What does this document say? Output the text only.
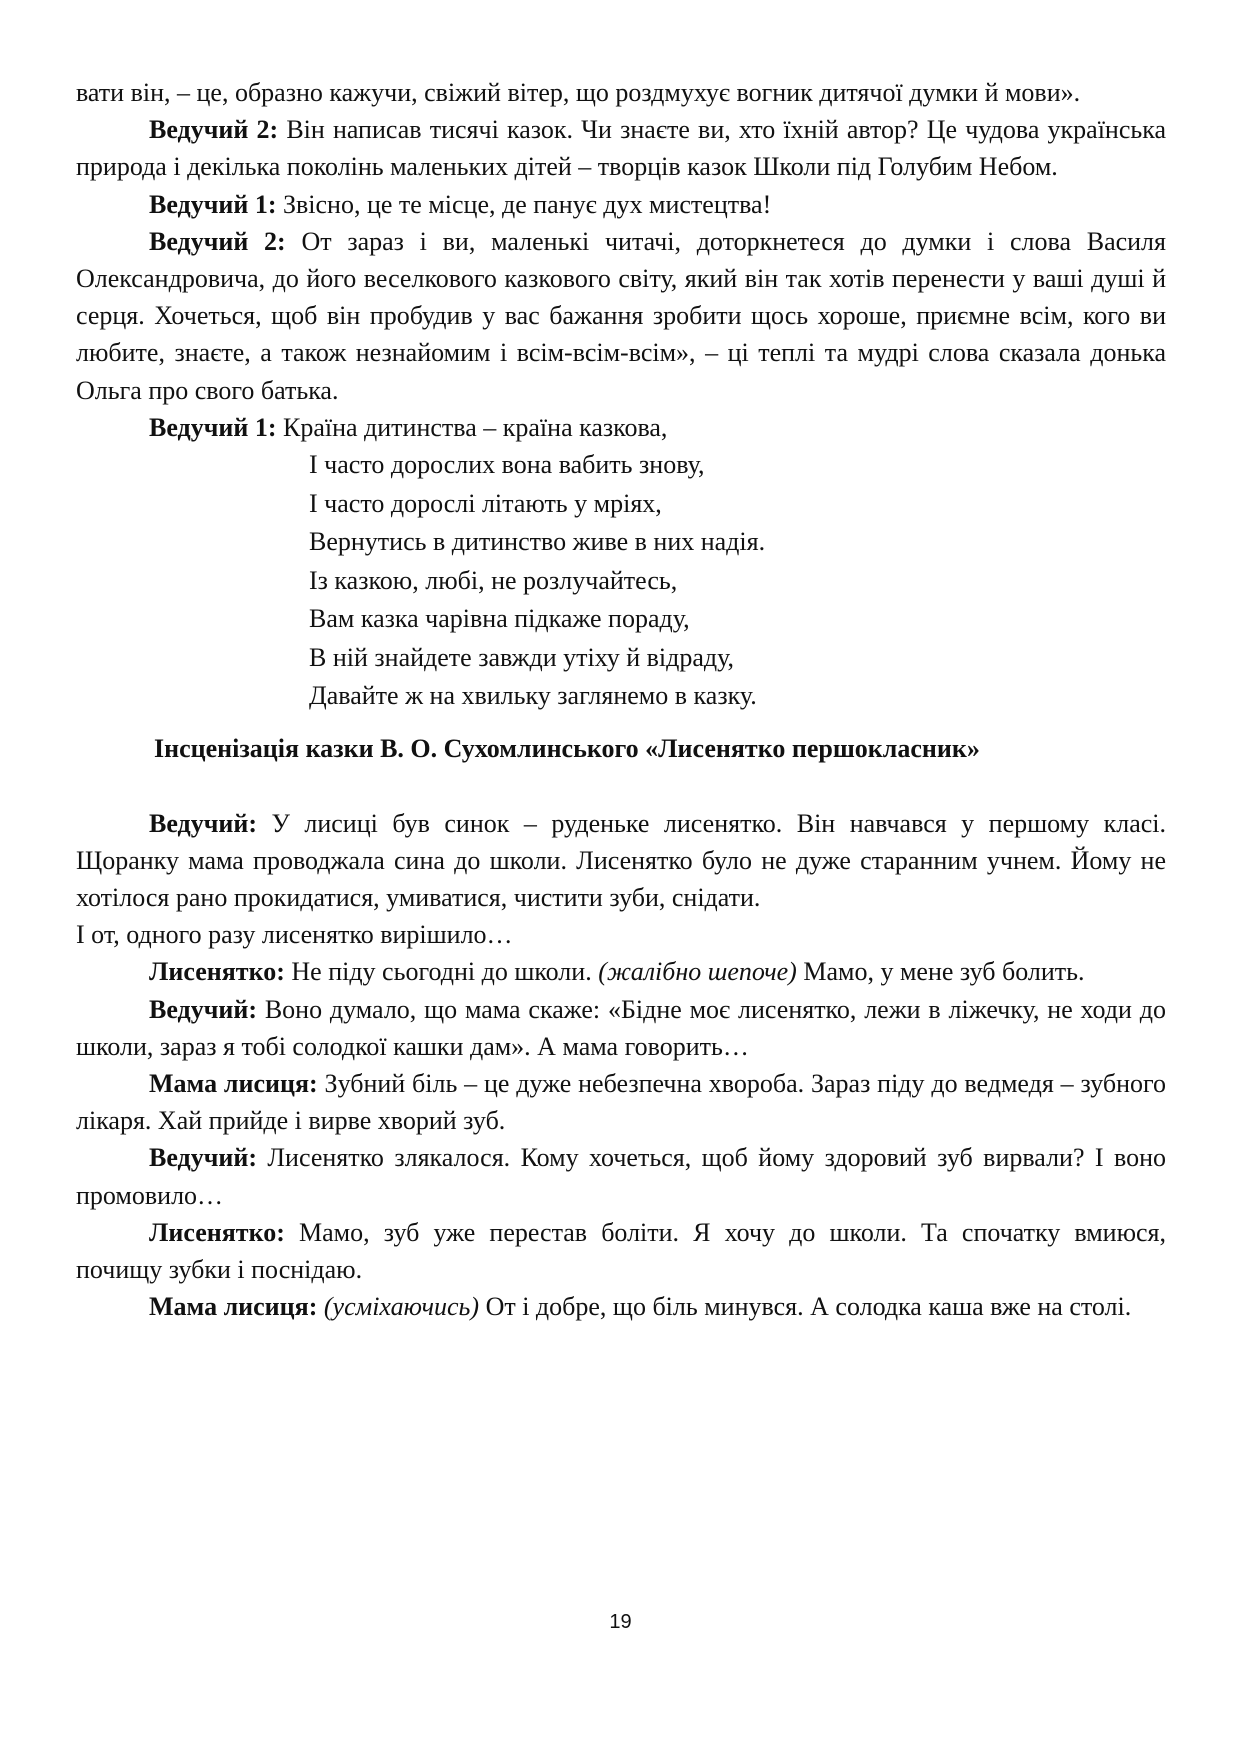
вати він, – це, образно кажучи, свіжий вітер, що роздмухує вогник дитячої думки й мови».

Ведучий 2: Він написав тисячі казок. Чи знаєте ви, хто їхній автор? Це чудова українська природа і декілька поколінь маленьких дітей – творців казок Школи під Голубим Небом.

Ведучий 1: Звісно, це те місце, де панує дух мистецтва!

Ведучий 2: От зараз і ви, маленькі читачі, доторкнетеся до думки і слова Василя Олександровича, до його веселкового казкового світу, який він так хотів перенести у ваші душі й серця. Хочеться, щоб він пробудив у вас бажання зробити щось хороше, приємне всім, кого ви любите, знаєте, а також незнайомим і всім-всім-всім», – ці теплі та мудрі слова сказала донька Ольга про свого батька.

Ведучий 1: Країна дитинства – країна казкова,

І часто дорослих вона вабить знову,
І часто дорослі літають у мріях,
Вернутись в дитинство живе в них надія.
Із казкою, любі, не розлучайтесь,
Вам казка чарівна підкаже пораду,
В ній знайдете завжди утіху й відраду,
Давайте ж на хвильку заглянемо в казку.
Інсценізація казки В. О. Сухомлинського «Лисенятко першокласник»

Ведучий: У лисиці був синок – руденьке лисенятко. Він навчався у першому класі. Щоранку мама проводжала сина до школи. Лисенятко було не дуже старанним учнем. Йому не хотілося рано прокидатися, умиватися, чистити зуби, снідати.

І от, одного разу лисенятко вирішило…

Лисенятко: Не піду сьогодні до школи. (жалібно шепоче) Мамо, у мене зуб болить.

Ведучий: Воно думало, що мама скаже: «Бідне моє лисенятко, лежи в ліжечку, не ходи до школи, зараз я тобі солодкої кашки дам». А мама говорить…

Мама лисиця: Зубний біль – це дуже небезпечна хвороба. Зараз піду до ведмедя – зубного лікаря. Хай прийде і вирве хворий зуб.

Ведучий: Лисенятко злякалося. Кому хочеться, щоб йому здоровий зуб вирвали? І воно промовило…

Лисенятко: Мамо, зуб уже перестав боліти. Я хочу до школи. Та спочатку вмиюся, почищу зубки і поснідаю.

Мама лисиця: (усміхаючись) От і добре, що біль минувся. А солодка каша вже на столі.

19
